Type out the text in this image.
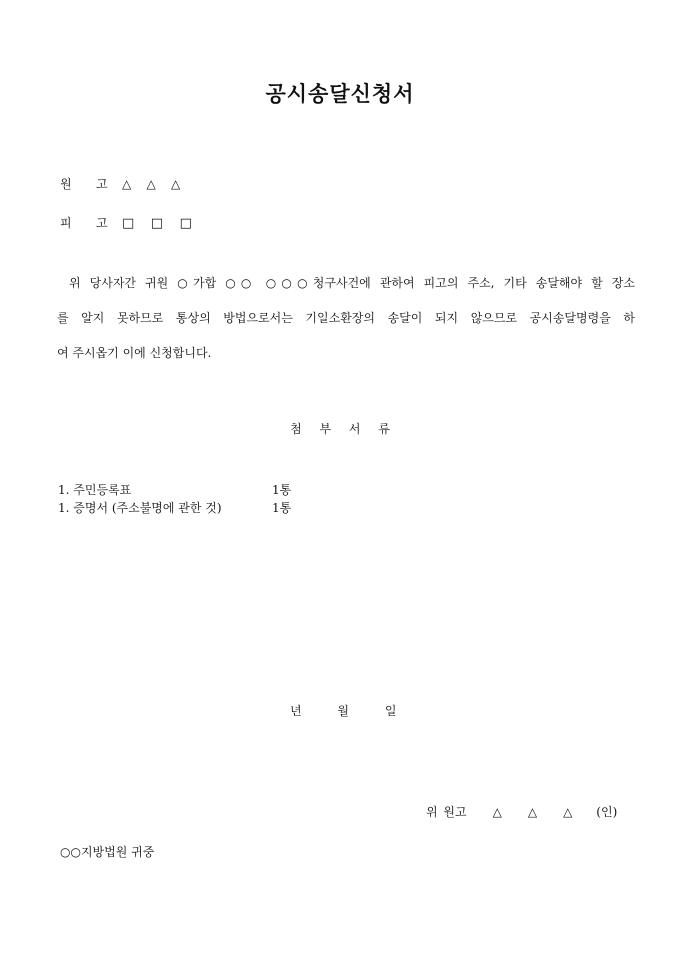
공시송달신청서
원 고 △    △    △
피 고 □    □    □
위 당사자간 귀원 ○가합 ○○ ○○○청구사건에 관하여 피고의 주소, 기타 송달해야 할 장소
를 알지 못하므로 통상의 방법으로서는 기일소환장의 송달이 되지 않으므로 공시송달명령을 하
여 주시옵기 이에 신청합니다.
첨 부 서 류
1. 주민등록표	1통
1. 증명서 (주소불명에 관한 것)	1통
년 월 일
위 원고 △ △ △ (인)
○○지방법원 귀중
